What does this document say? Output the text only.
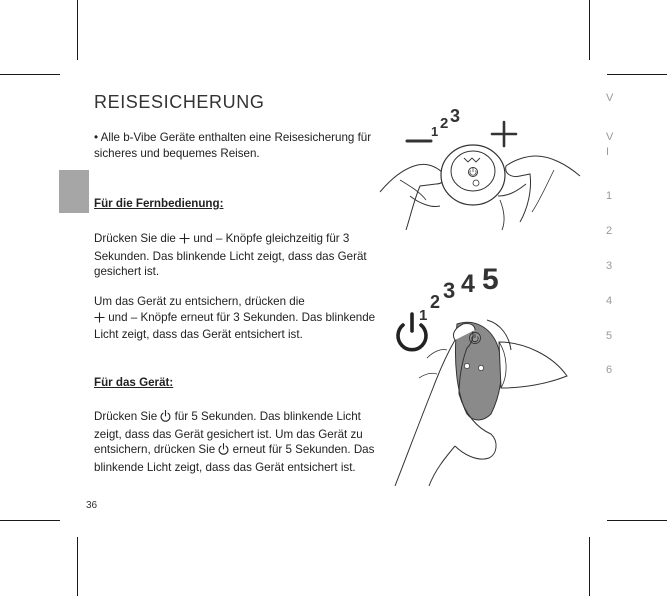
V
V
I
1
2
3
4
5
6
REISESICHERUNG
• Alle b-Vibe Geräte enthalten eine Reisesicherung für sicheres und bequemes Reisen.
Für die Fernbedienung:
Drücken Sie die und – Knöpfe gleichzeitig für 3 Sekunden. Das blinkende Licht zeigt, dass das Gerät gesichert ist.
Um das Gerät zu entsichern, drücken die
und – Knöpfe erneut für 3 Sekunden. Das blinkende Licht zeigt, dass das Gerät entsichert ist.
Für das Gerät:
Drücken Sie für 5 Sekunden. Das blinkende Licht zeigt, dass das Gerät gesichert ist. Um das Gerät zu entsichern, drücken Sie erneut für 5 Sekunden. Das blinkende Licht zeigt, dass das Gerät entsichert ist.
36
1 2 3
1
2 3 4 5
